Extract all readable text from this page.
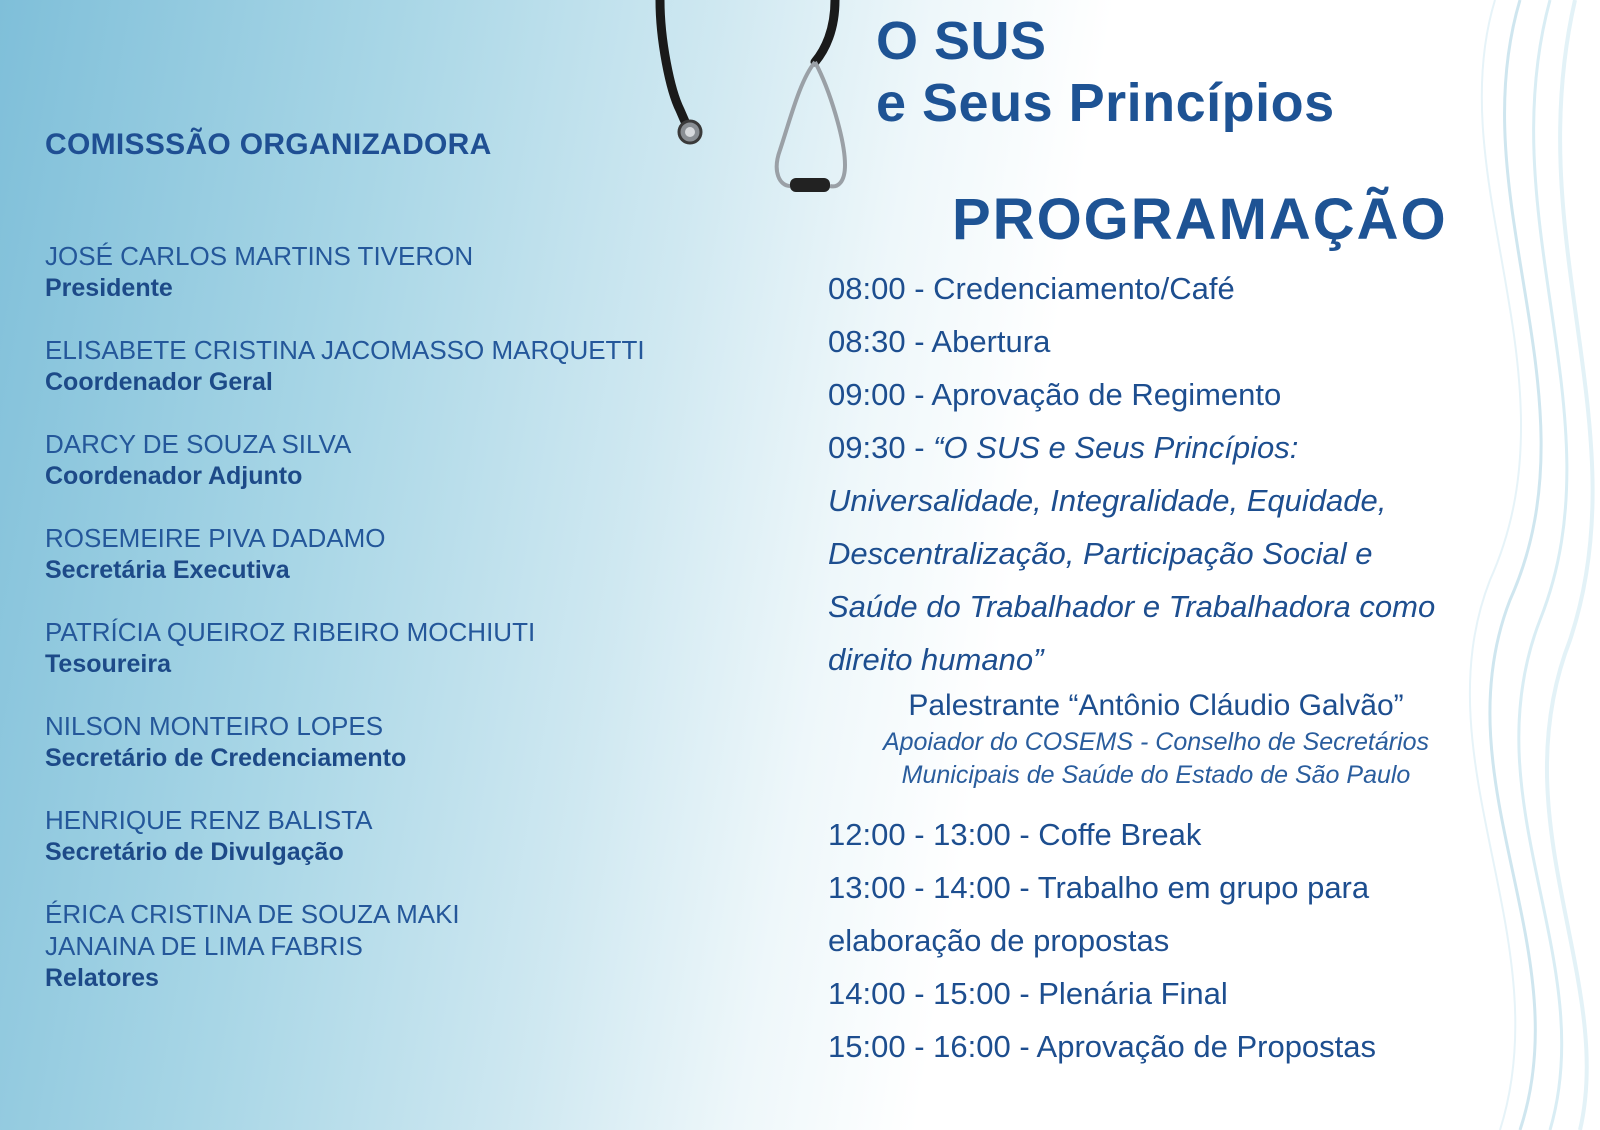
COMISSSÃO ORGANIZADORA
JOSÉ CARLOS MARTINS TIVERON
Presidente
ELISABETE CRISTINA JACOMASSO MARQUETTI
Coordenador Geral
DARCY DE SOUZA SILVA
Coordenador Adjunto
ROSEMEIRE PIVA DADAMO
Secretária Executiva
PATRÍCIA QUEIROZ RIBEIRO MOCHIUTI
Tesoureira
NILSON MONTEIRO LOPES
Secretário de Credenciamento
HENRIQUE RENZ BALISTA
Secretário de Divulgação
ÉRICA CRISTINA DE SOUZA MAKI
JANAINA DE LIMA FABRIS
Relatores
O SUS
e Seus Princípios
PROGRAMAÇÃO
08:00 - Credenciamento/Café
08:30 - Abertura
09:00 - Aprovação de Regimento
09:30 - “O SUS e Seus Princípios:
Universalidade, Integralidade, Equidade,
Descentralização, Participação Social e
Saúde do Trabalhador e Trabalhadora como
direito humano”
Palestrante “Antônio Cláudio Galvão”
Apoiador do COSEMS - Conselho de Secretários
Municipais de Saúde do Estado de São Paulo
12:00 - 13:00 - Coffe Break
13:00 - 14:00 - Trabalho em grupo para
elaboração de propostas
14:00 - 15:00 - Plenária Final
15:00 - 16:00 - Aprovação de Propostas
